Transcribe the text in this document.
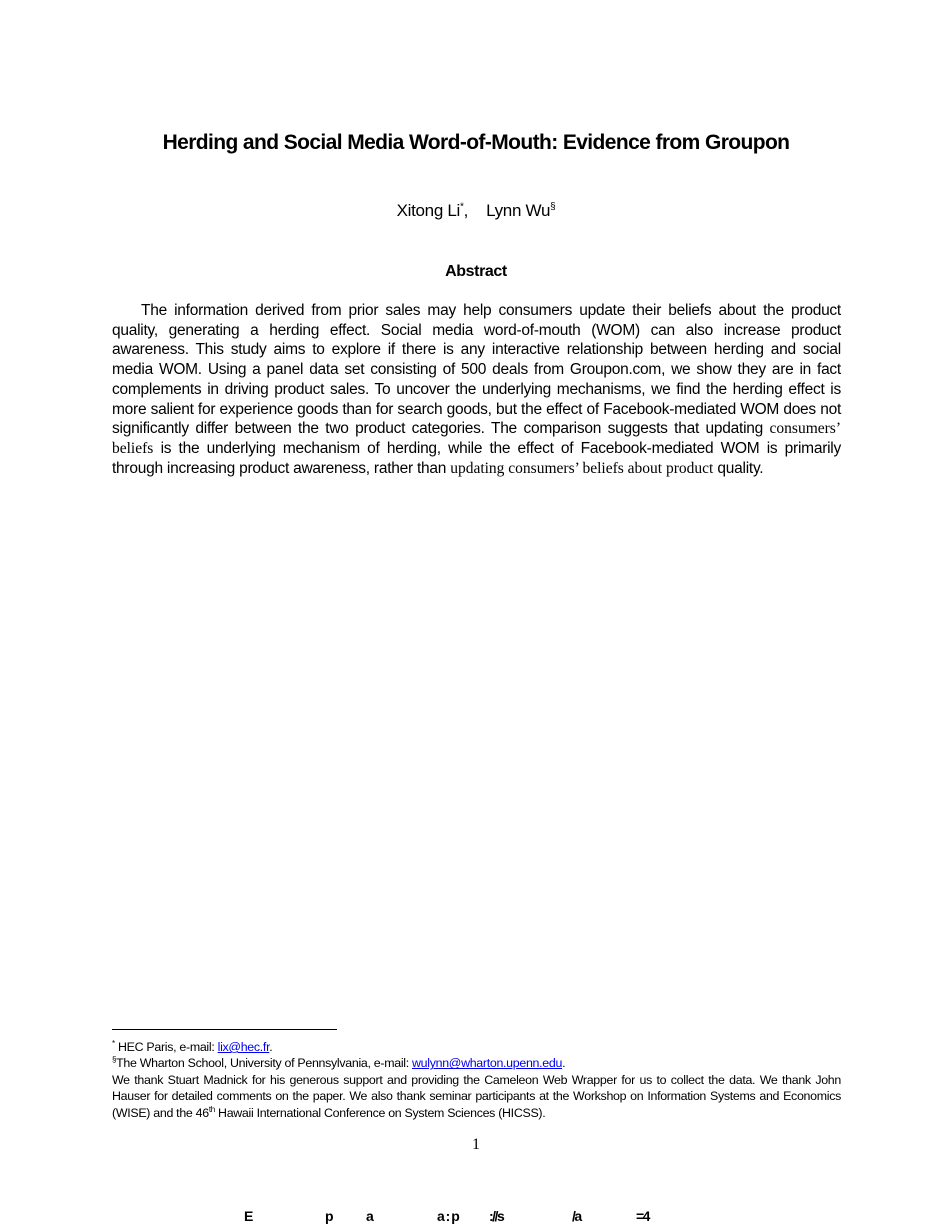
Herding and Social Media Word-of-Mouth: Evidence from Groupon
Xitong Li*, Lynn Wu§
Abstract
The information derived from prior sales may help consumers update their beliefs about the product quality, generating a herding effect. Social media word-of-mouth (WOM) can also increase product awareness. This study aims to explore if there is any interactive relationship between herding and social media WOM. Using a panel data set consisting of 500 deals from Groupon.com, we show they are in fact complements in driving product sales. To uncover the underlying mechanisms, we find the herding effect is more salient for experience goods than for search goods, but the effect of Facebook-mediated WOM does not significantly differ between the two product categories. The comparison suggests that updating consumers’ beliefs is the underlying mechanism of herding, while the effect of Facebook-mediated WOM is primarily through increasing product awareness, rather than updating consumers’ beliefs about product quality.

* HEC Paris, e-mail: lix@hec.fr.

§The Wharton School, University of Pennsylvania, e-mail: wulynn@wharton.upenn.edu.

We thank Stuart Madnick for his generous support and providing the Cameleon Web Wrapper for us to collect the data. We thank John Hauser for detailed comments on the paper. We also thank seminar participants at the Workshop on Information Systems and Economics (WISE) and the 46th Hawaii International Conference on System Sciences (HICSS).

1
E	p a	a : p ://s	/a	=4
